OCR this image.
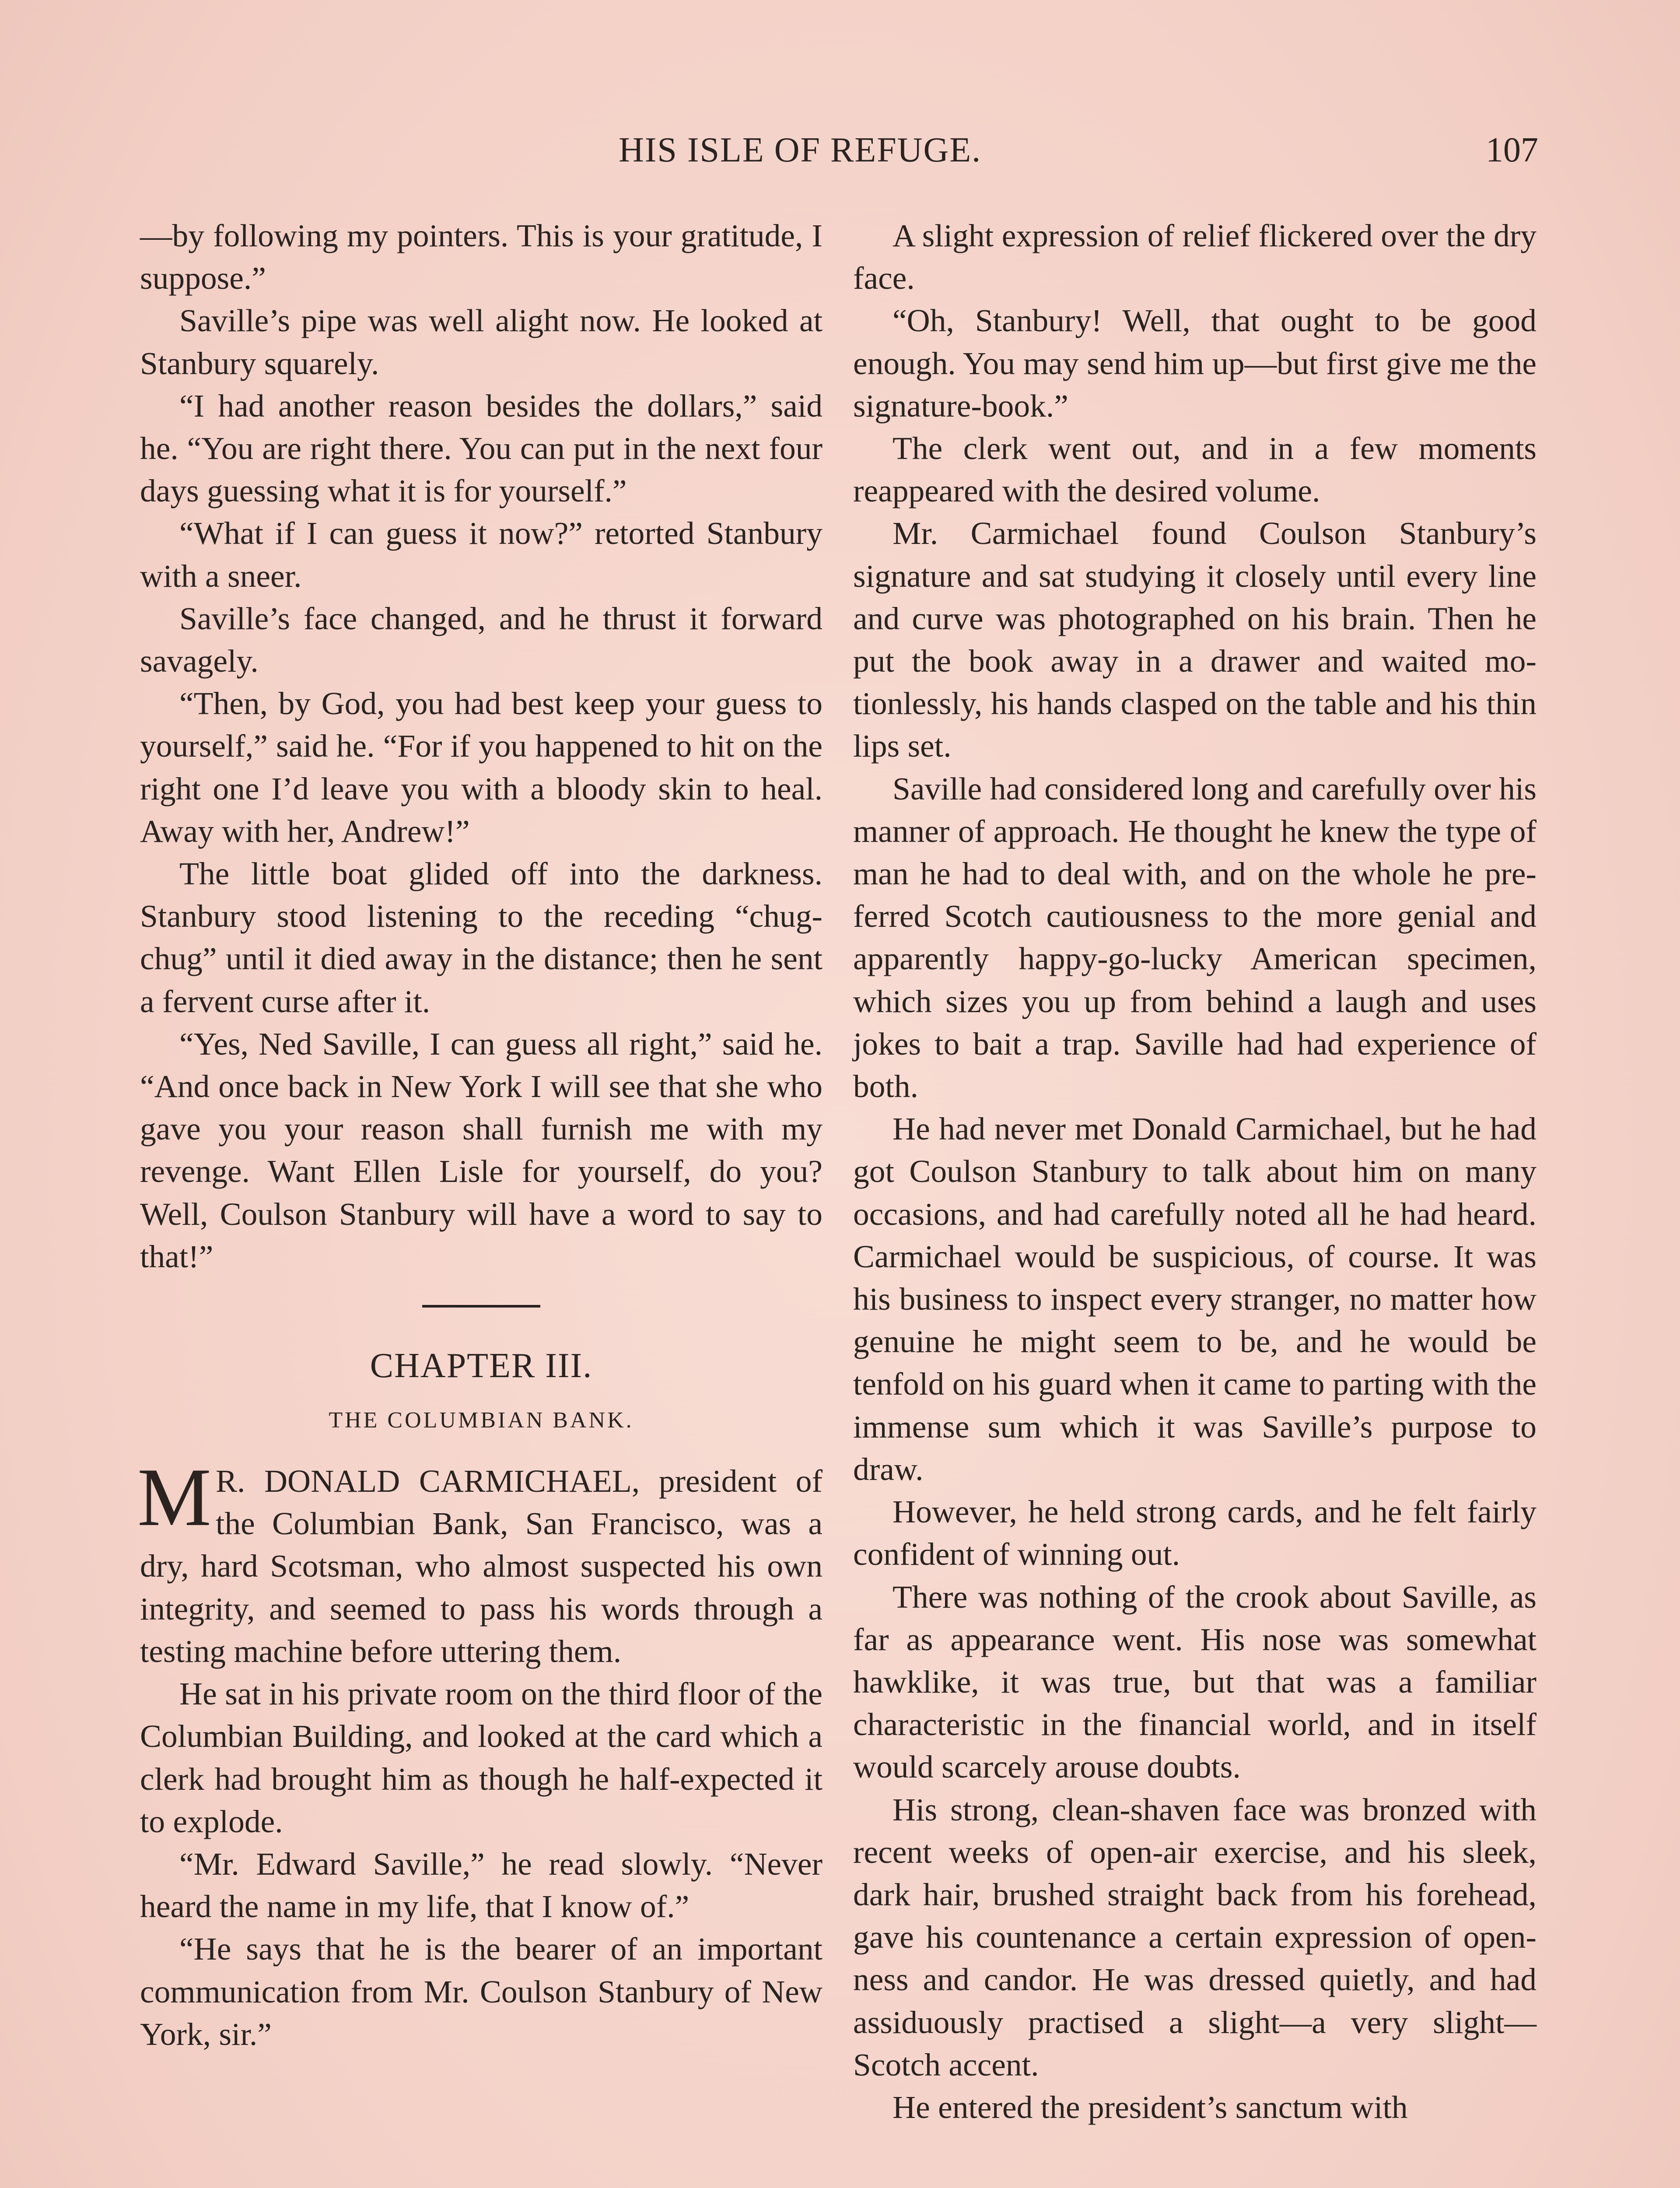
HIS ISLE OF REFUGE.	107

—by following my pointers. This is your gratitude, I suppose.”

Saville’s pipe was well alight now. He looked at Stanbury squarely.

“I had another reason besides the dollars,” said he. “You are right there. You can put in the next four days guessing what it is for yourself.”

“What if I can guess it now?” retorted Stanbury with a sneer.

Saville’s face changed, and he thrust it forward savagely.

“Then, by God, you had best keep your guess to yourself,” said he. “For if you happened to hit on the right one I’d leave you with a bloody skin to heal. Away with her, Andrew!”

The little boat glided off into the darkness. Stanbury stood listening to the receding “chug-chug” until it died away in the distance; then he sent a fervent curse after it.

“Yes, Ned Saville, I can guess all right,” said he. “And once back in New York I will see that she who gave you your reason shall furnish me with my revenge. Want Ellen Lisle for yourself, do you? Well, Coulson Stanbury will have a word to say to that!”

CHAPTER III.
THE COLUMBIAN BANK.

M R. DONALD CARMICHAEL, president of the Columbian Bank, San Francisco, was a dry, hard Scotsman, who almost suspected his own integrity, and seemed to pass his words through a testing machine before uttering them.

He sat in his private room on the third floor of the Columbian Building, and looked at the card which a clerk had brought him as though he half-expected it to explode.

“Mr. Edward Saville,” he read slowly. “Never heard the name in my life, that I know of.”

“He says that he is the bearer of an important communication from Mr. Coulson Stanbury of New York, sir.”

A slight expression of relief flickered over the dry face.

“Oh, Stanbury! Well, that ought to be good enough. You may send him up—but first give me the signature-book.”

The clerk went out, and in a few moments reappeared with the desired volume.

Mr. Carmichael found Coulson Stanbury’s signature and sat studying it closely until every line and curve was photographed on his brain. Then he put the book away in a drawer and waited motionlessly, his hands clasped on the table and his thin lips set.

Saville had considered long and carefully over his manner of approach. He thought he knew the type of man he had to deal with, and on the whole he preferred Scotch cautiousness to the more genial and apparently happy-go-lucky American specimen, which sizes you up from behind a laugh and uses jokes to bait a trap. Saville had had experience of both.

He had never met Donald Carmichael, but he had got Coulson Stanbury to talk about him on many occasions, and had carefully noted all he had heard. Carmichael would be suspicious, of course. It was his business to inspect every stranger, no matter how genuine he might seem to be, and he would be tenfold on his guard when it came to parting with the immense sum which it was Saville’s purpose to draw.

However, he held strong cards, and he felt fairly confident of winning out.

There was nothing of the crook about Saville, as far as appearance went. His nose was somewhat hawklike, it was true, but that was a familiar characteristic in the financial world, and in itself would scarcely arouse doubts.

His strong, clean-shaven face was bronzed with recent weeks of open-air exercise, and his sleek, dark hair, brushed straight back from his forehead, gave his countenance a certain expression of openness and candor. He was dressed quietly, and had assiduously practised a slight—a very slight—Scotch accent.

He entered the president’s sanctum with
